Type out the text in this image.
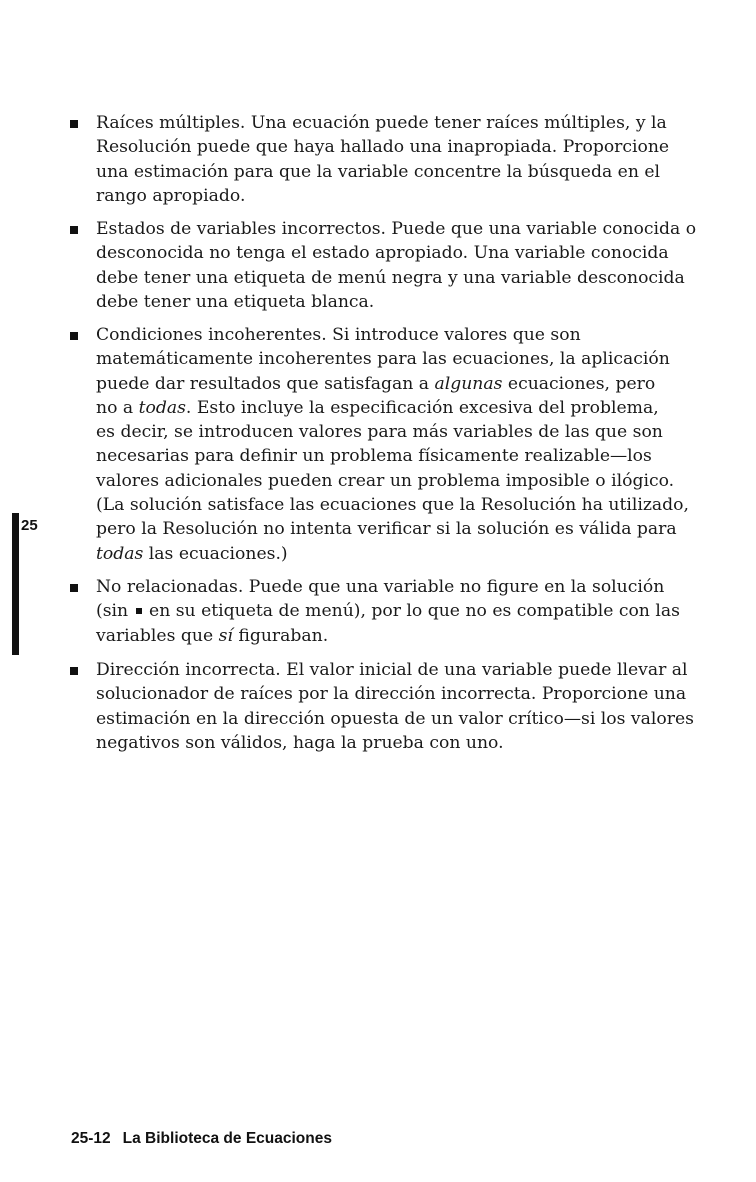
Raíces múltiples. Una ecuación puede tener raíces múltiples, y la
Resolución puede que haya hallado una inapropiada. Proporcione
una estimación para que la variable concentre la búsqueda en el
rango apropiado.
Estados de variables incorrectos. Puede que una variable conocida o
desconocida no tenga el estado apropiado. Una variable conocida
debe tener una etiqueta de menú negra y una variable desconocida
debe tener una etiqueta blanca.
Condiciones incoherentes. Si introduce valores que son
matemáticamente incoherentes para las ecuaciones, la aplicación
puede dar resultados que satisfagan a algunas ecuaciones, pero
no a todas. Esto incluye la especificación excesiva del problema,
es decir, se introducen valores para más variables de las que son
necesarias para definir un problema físicamente realizable—los
valores adicionales pueden crear un problema imposible o ilógico.
(La solución satisface las ecuaciones que la Resolución ha utilizado,
pero la Resolución no intenta verificar si la solución es válida para
todas las ecuaciones.)
No relacionadas. Puede que una variable no figure en la solución
(sin  en su etiqueta de menú), por lo que no es compatible con las
variables que sí figuraban.
Dirección incorrecta. El valor inicial de una variable puede llevar al
solucionador de raíces por la dirección incorrecta. Proporcione una
estimación en la dirección opuesta de un valor crítico—si los valores
negativos son válidos, haga la prueba con uno.
25
25-12 La Biblioteca de Ecuaciones
